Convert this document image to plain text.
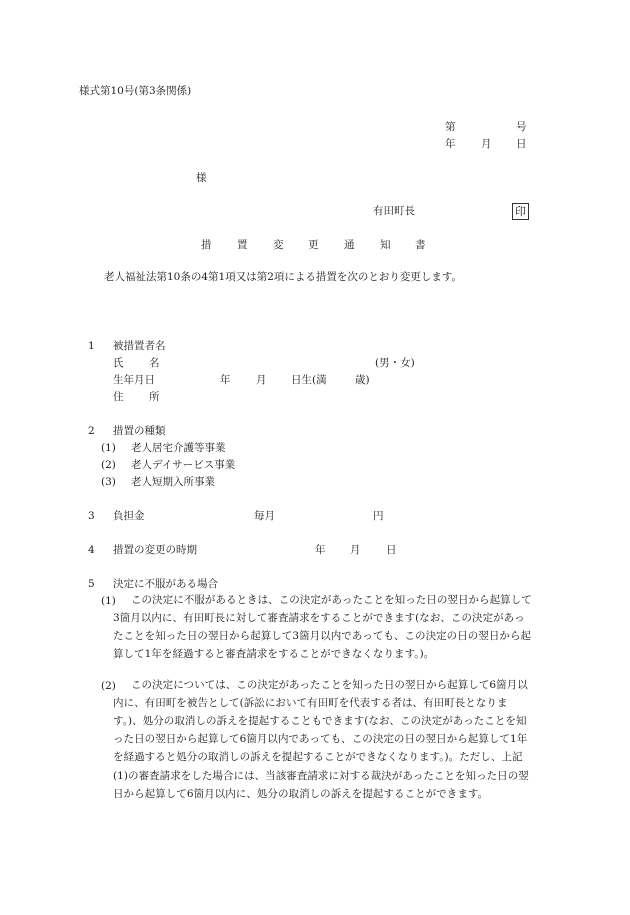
様式第10号(第3条関係)
第	号
年 月 日
様
有田町長	印
措 置 変 更 通 知 書
老人福祉法第10条の4第1項又は第2項による措置を次のとおり変更します。
1 被措置者名
氏 名	(男・女)
生年月日	年 月 日生(満	歳)
住 所
2 措置の種類
(1) 老人居宅介護等事業
(2) 老人デイサービス事業
(3) 老人短期入所事業
3 負担金	毎月	円
4 措置の変更の時期	年 月 日
5 決定に不服がある場合
(1)	この決定に不服があるときは、この決定があったことを知った日の翌日から起算して3箇月以内に、有田町長に対して審査請求をすることができます(なお、この決定があったことを知った日の翌日から起算して3箇月以内であっても、この決定の日の翌日から起算して1年を経過すると審査請求をすることができなくなります。)。
(2)	この決定については、この決定があったことを知った日の翌日から起算して6箇月以内に、有田町を被告として(訴訟において有田町を代表する者は、有田町長となります。)、処分の取消しの訴えを提起することもできます(なお、この決定があったことを知った日の翌日から起算して6箇月以内であっても、この決定の日の翌日から起算して1年を経過すると処分の取消しの訴えを提起することができなくなります。)。ただし、上記(1)の審査請求をした場合には、当該審査請求に対する裁決があったことを知った日の翌日から起算して6箇月以内に、処分の取消しの訴えを提起することができます。
